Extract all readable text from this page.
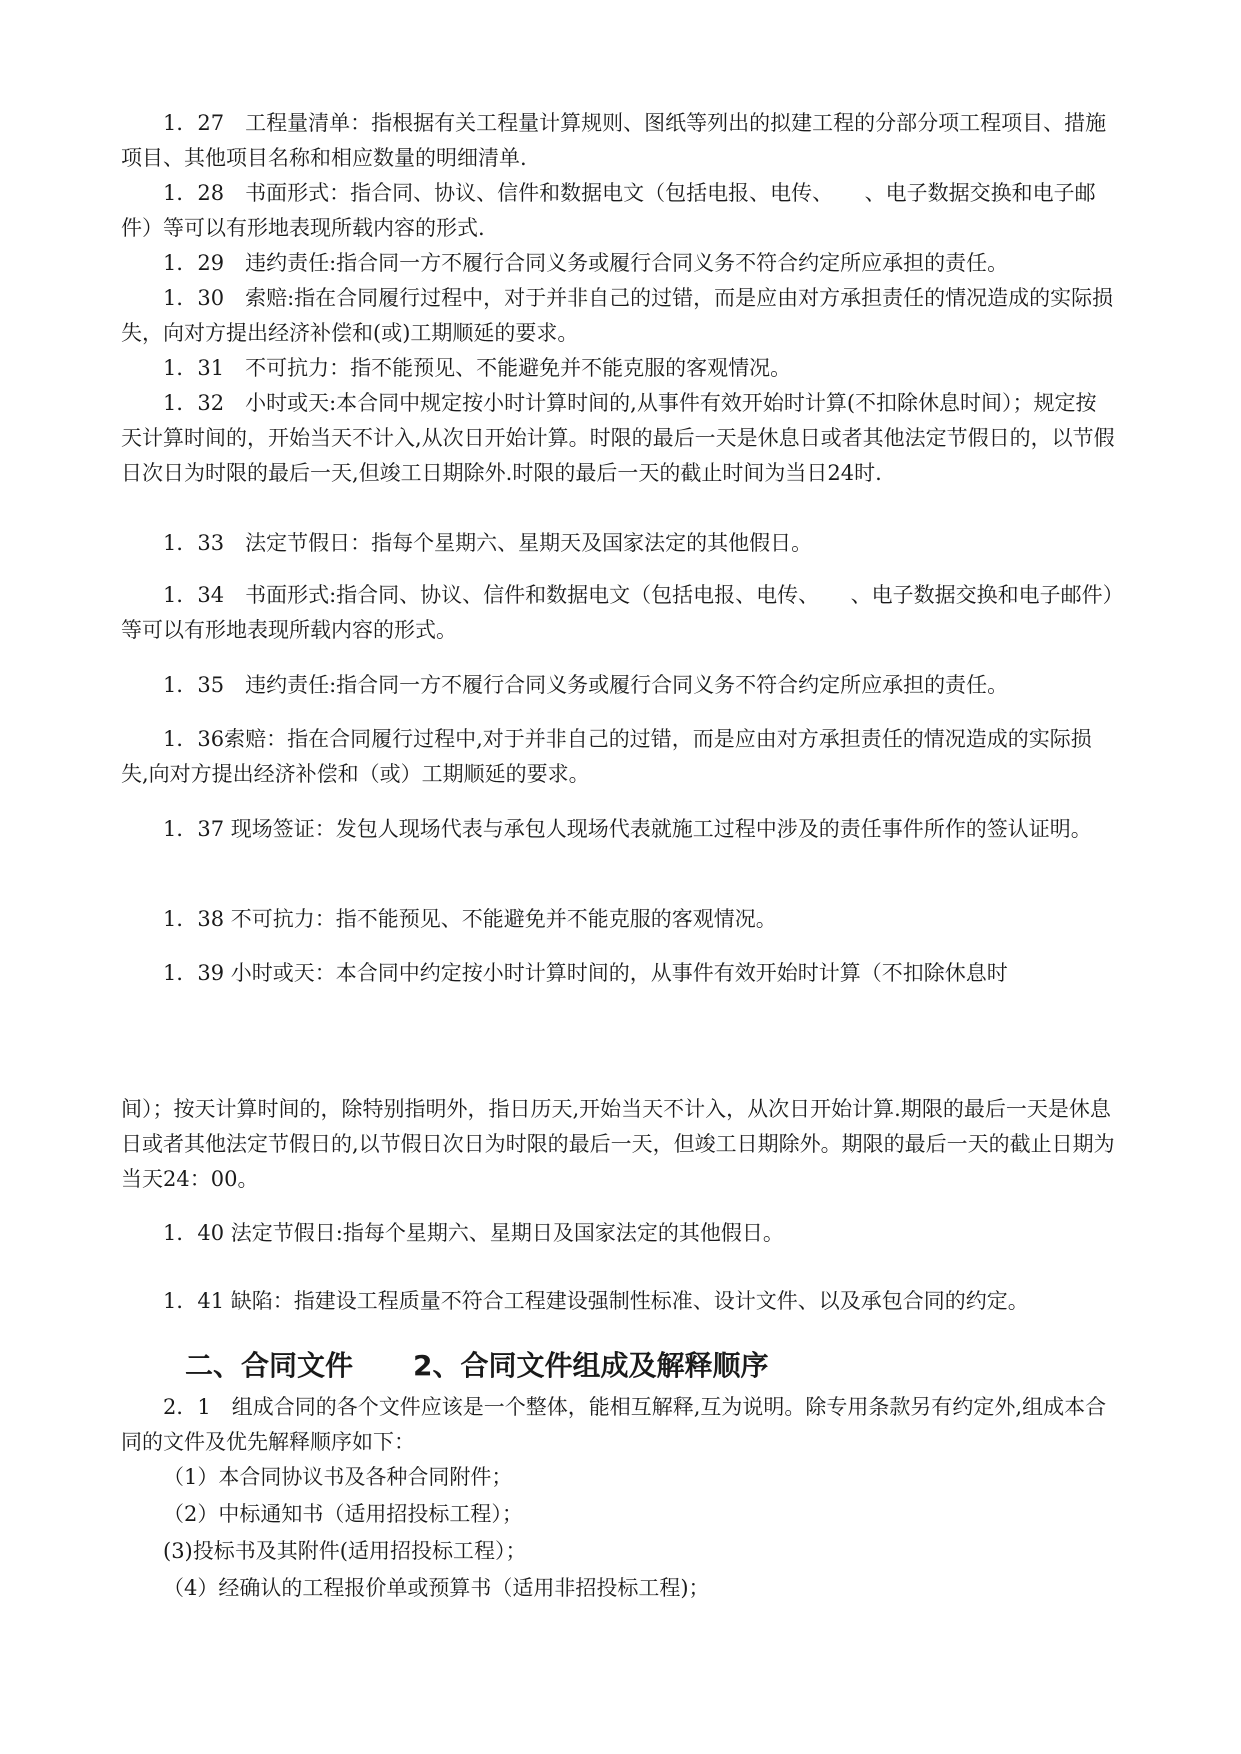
1．27　工程量清单：指根据有关工程量计算规则、图纸等列出的拟建工程的分部分项工程项目、措施项目、其他项目名称和相应数量的明细清单.
1．28　书面形式：指合同、协议、信件和数据电文（包括电报、电传、　　、电子数据交换和电子邮件）等可以有形地表现所载内容的形式.
1．29　违约责任:指合同一方不履行合同义务或履行合同义务不符合约定所应承担的责任。
1．30　索赔:指在合同履行过程中，对于并非自己的过错，而是应由对方承担责任的情况造成的实际损失，向对方提出经济补偿和(或)工期顺延的要求。
1．31　不可抗力：指不能预见、不能避免并不能克服的客观情况。
1．32　小时或天:本合同中规定按小时计算时间的,从事件有效开始时计算(不扣除休息时间）；规定按天计算时间的，开始当天不计入,从次日开始计算。时限的最后一天是休息日或者其他法定节假日的，以节假日次日为时限的最后一天,但竣工日期除外.时限的最后一天的截止时间为当日24时.
1．33　法定节假日：指每个星期六、星期天及国家法定的其他假日。
1．34　书面形式:指合同、协议、信件和数据电文（包括电报、电传、　　、电子数据交换和电子邮件）等可以有形地表现所载内容的形式。
1．35　违约责任:指合同一方不履行合同义务或履行合同义务不符合约定所应承担的责任。
1．36索赔：指在合同履行过程中,对于并非自己的过错，而是应由对方承担责任的情况造成的实际损失,向对方提出经济补偿和（或）工期顺延的要求。
1．37 现场签证：发包人现场代表与承包人现场代表就施工过程中涉及的责任事件所作的签认证明。
1．38 不可抗力：指不能预见、不能避免并不能克服的客观情况。
1．39 小时或天：本合同中约定按小时计算时间的，从事件有效开始时计算（不扣除休息时
间）；按天计算时间的，除特别指明外，指日历天,开始当天不计入，从次日开始计算.期限的最后一天是休息日或者其他法定节假日的,以节假日次日为时限的最后一天，但竣工日期除外。期限的最后一天的截止日期为当天24：00。
1．40 法定节假日:指每个星期六、星期日及国家法定的其他假日。
1．41 缺陷：指建设工程质量不符合工程建设强制性标准、设计文件、以及承包合同的约定。
二、合同文件 2、合同文件组成及解释顺序
2．1　组成合同的各个文件应该是一个整体，能相互解释,互为说明。除专用条款另有约定外,组成本合同的文件及优先解释顺序如下：
（1）本合同协议书及各种合同附件；
（2）中标通知书（适用招投标工程）；
(3)投标书及其附件(适用招投标工程）；
（4）经确认的工程报价单或预算书（适用非招投标工程)；
